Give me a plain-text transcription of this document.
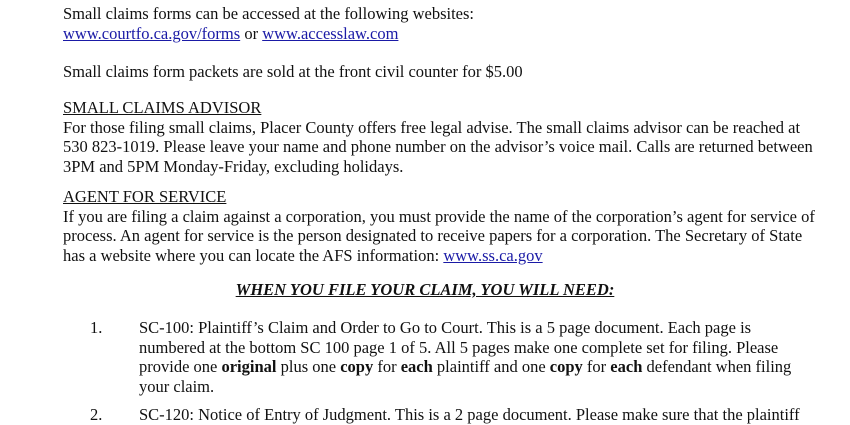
Small claims forms can be accessed at the following websites:
www.courtfo.ca.gov/forms or www.accesslaw.com
Small claims form packets are sold at the front civil counter for $5.00
SMALL CLAIMS ADVISOR
For those filing small claims, Placer County offers free legal advise. The small claims advisor can be reached at
530 823-1019. Please leave your name and phone number on the advisor’s voice mail. Calls are returned between
3PM and 5PM Monday-Friday, excluding holidays.
AGENT FOR SERVICE
If you are filing a claim against a corporation, you must provide the name of the corporation’s agent for service of
process. An agent for service is the person designated to receive papers for a corporation. The Secretary of State
has a website where you can locate the AFS information: www.ss.ca.gov
WHEN YOU FILE YOUR CLAIM, YOU WILL NEED:
1. SC-100: Plaintiff’s Claim and Order to Go to Court. This is a 5 page document. Each page is
numbered at the bottom SC 100 page 1 of 5. All 5 pages make one complete set for filing. Please
provide one original plus one copy for each plaintiff and one copy for each defendant when filing
your claim.
2. SC-120: Notice of Entry of Judgment. This is a 2 page document. Please make sure that the plaintiff
